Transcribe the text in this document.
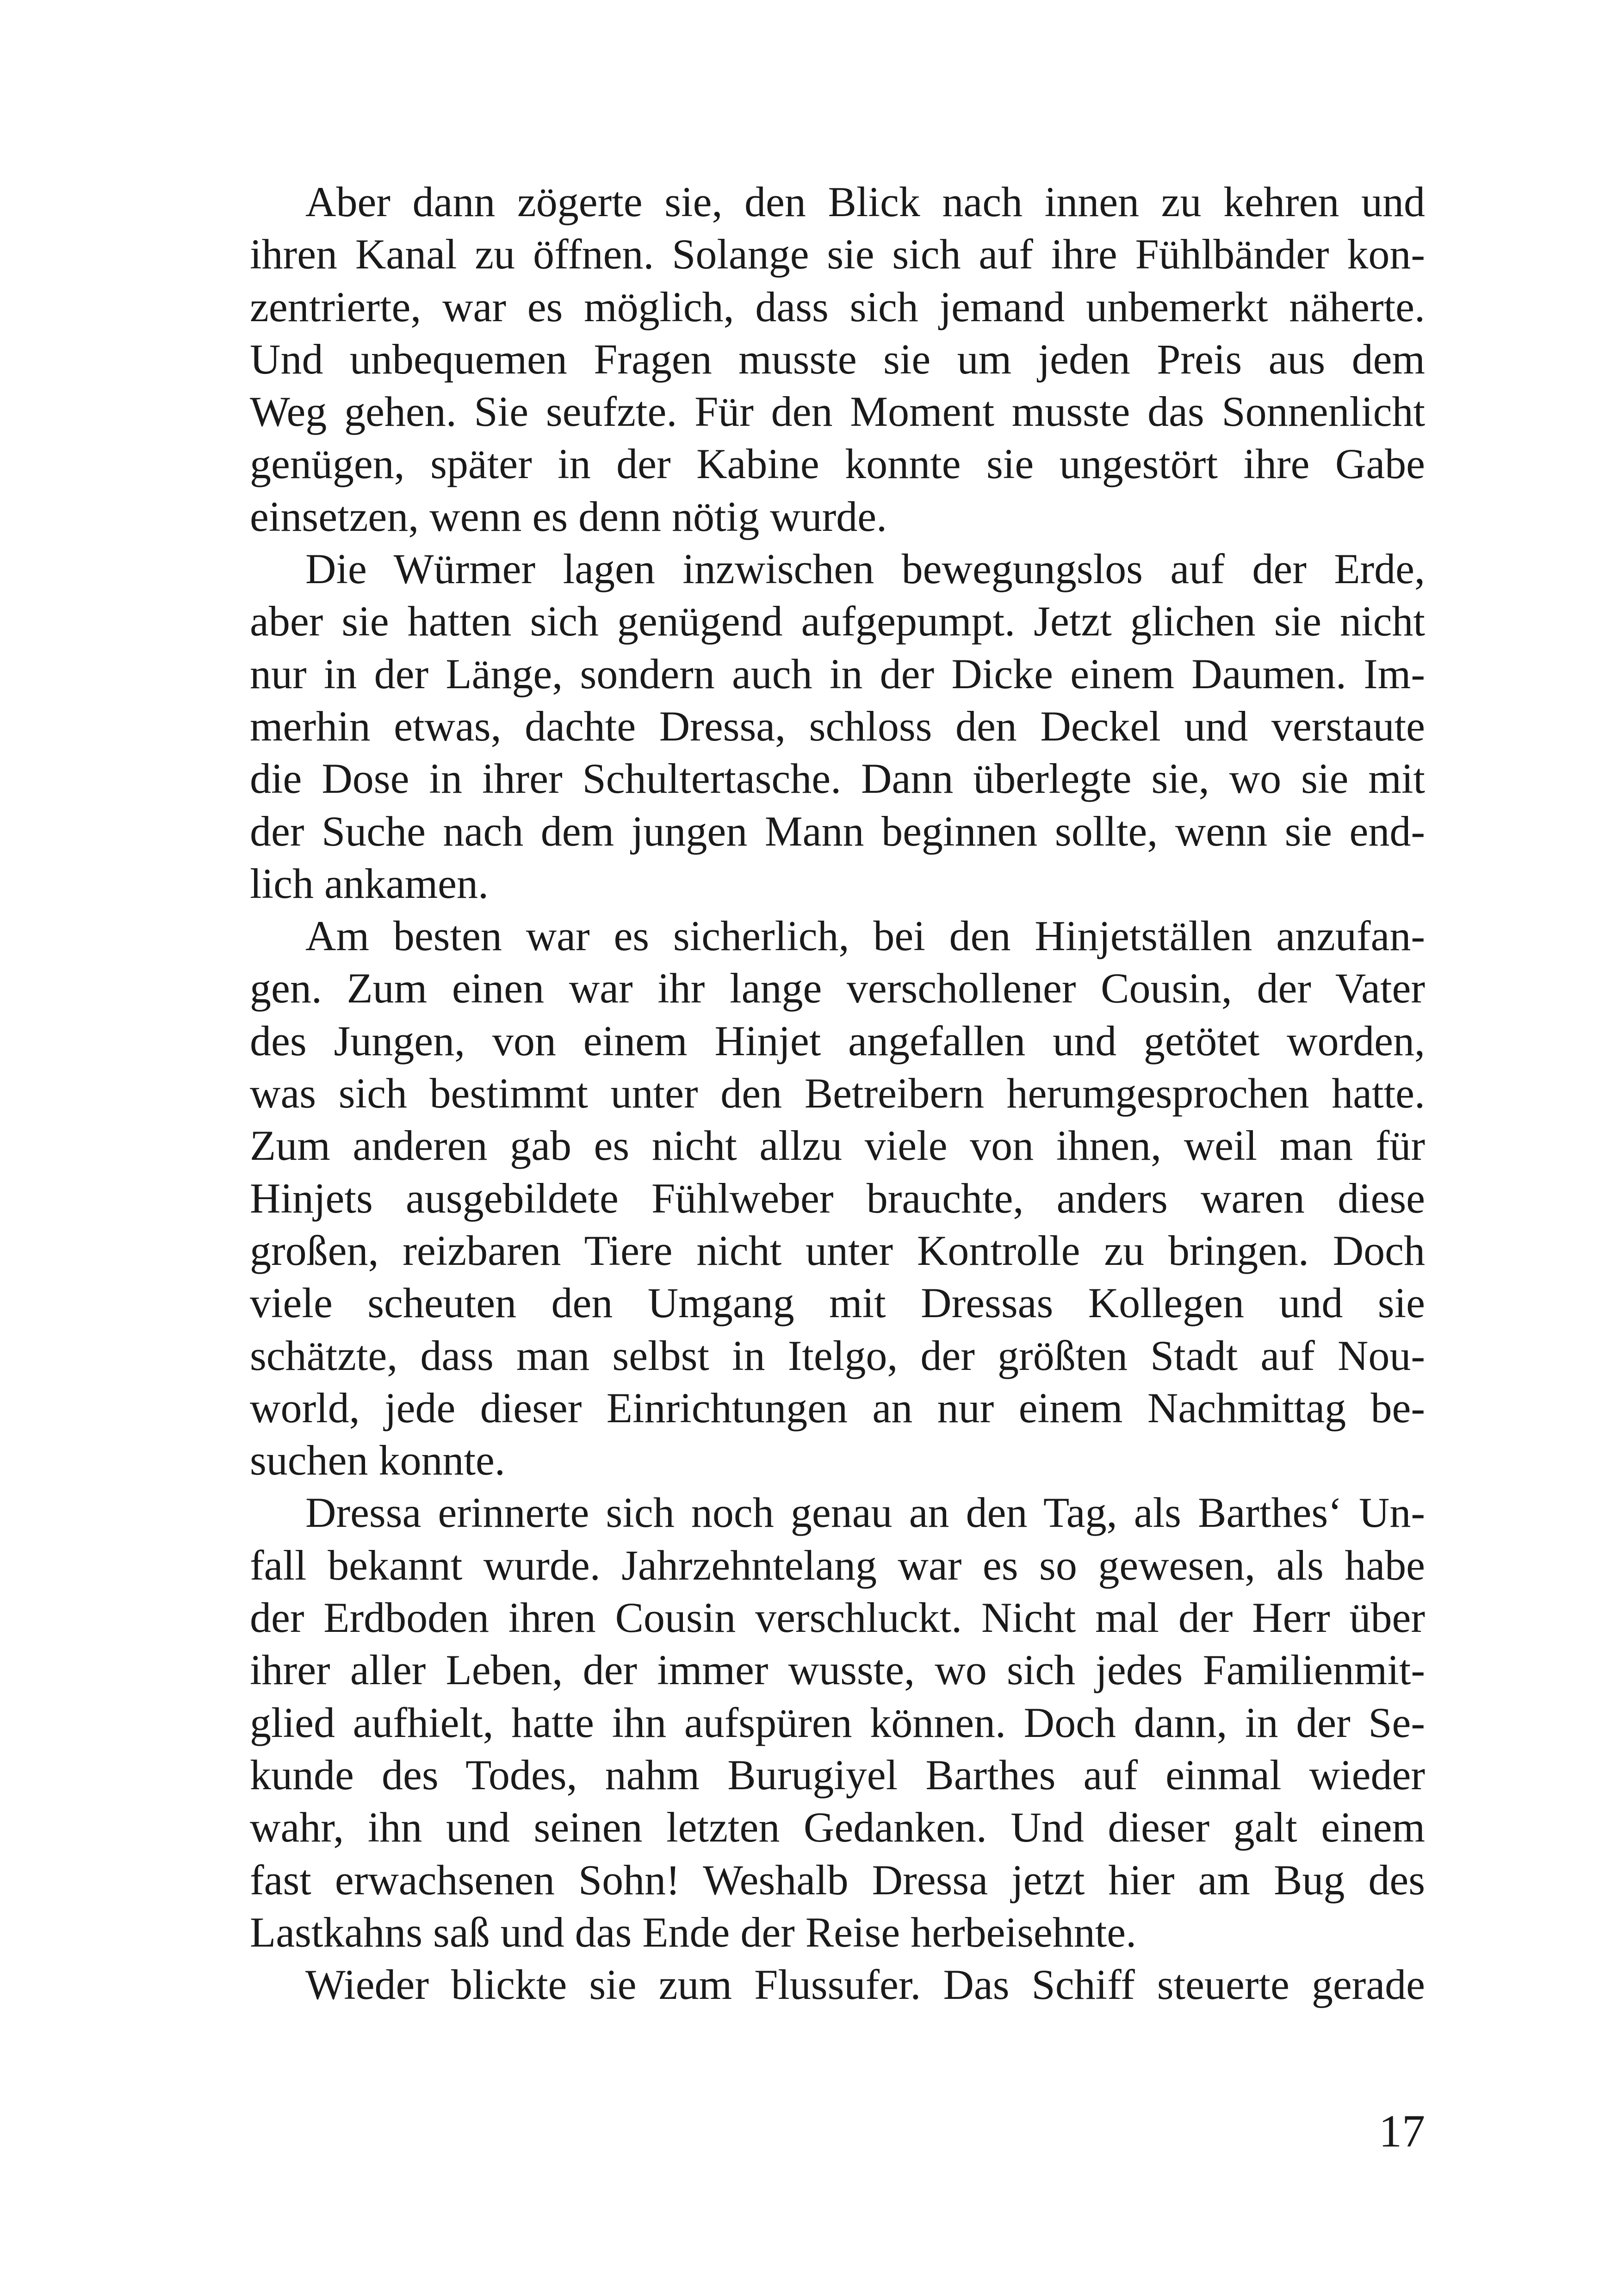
Aber dann zögerte sie, den Blick nach innen zu kehren und
ihren Kanal zu öffnen. Solange sie sich auf ihre Fühlbänder kon-
zentrierte, war es möglich, dass sich jemand unbemerkt näherte.
Und unbequemen Fragen musste sie um jeden Preis aus dem
Weg gehen. Sie seufzte. Für den Moment musste das Sonnenlicht
genügen, später in der Kabine konnte sie ungestört ihre Gabe
einsetzen, wenn es denn nötig wurde.
Die Würmer lagen inzwischen bewegungslos auf der Erde,
aber sie hatten sich genügend aufgepumpt. Jetzt glichen sie nicht
nur in der Länge, sondern auch in der Dicke einem Daumen. Im-
merhin etwas, dachte Dressa, schloss den Deckel und verstaute
die Dose in ihrer Schultertasche. Dann überlegte sie, wo sie mit
der Suche nach dem jungen Mann beginnen sollte, wenn sie end-
lich ankamen.
Am besten war es sicherlich, bei den Hinjetställen anzufan-
gen. Zum einen war ihr lange verschollener Cousin, der Vater
des Jungen, von einem Hinjet angefallen und getötet worden,
was sich bestimmt unter den Betreibern herumgesprochen hatte.
Zum anderen gab es nicht allzu viele von ihnen, weil man für
Hinjets ausgebildete Fühlweber brauchte, anders waren diese
großen, reizbaren Tiere nicht unter Kontrolle zu bringen. Doch
viele scheuten den Umgang mit Dressas Kollegen und sie
schätzte, dass man selbst in Itelgo, der größten Stadt auf Nou-
world, jede dieser Einrichtungen an nur einem Nachmittag be-
suchen konnte.
Dressa erinnerte sich noch genau an den Tag, als Barthes‘ Un-
fall bekannt wurde. Jahrzehntelang war es so gewesen, als habe
der Erdboden ihren Cousin verschluckt. Nicht mal der Herr über
ihrer aller Leben, der immer wusste, wo sich jedes Familienmit-
glied aufhielt, hatte ihn aufspüren können. Doch dann, in der Se-
kunde des Todes, nahm Burugiyel Barthes auf einmal wieder
wahr, ihn und seinen letzten Gedanken. Und dieser galt einem
fast erwachsenen Sohn! Weshalb Dressa jetzt hier am Bug des
Lastkahns saß und das Ende der Reise herbeisehnte.
Wieder blickte sie zum Flussufer. Das Schiff steuerte gerade
17
